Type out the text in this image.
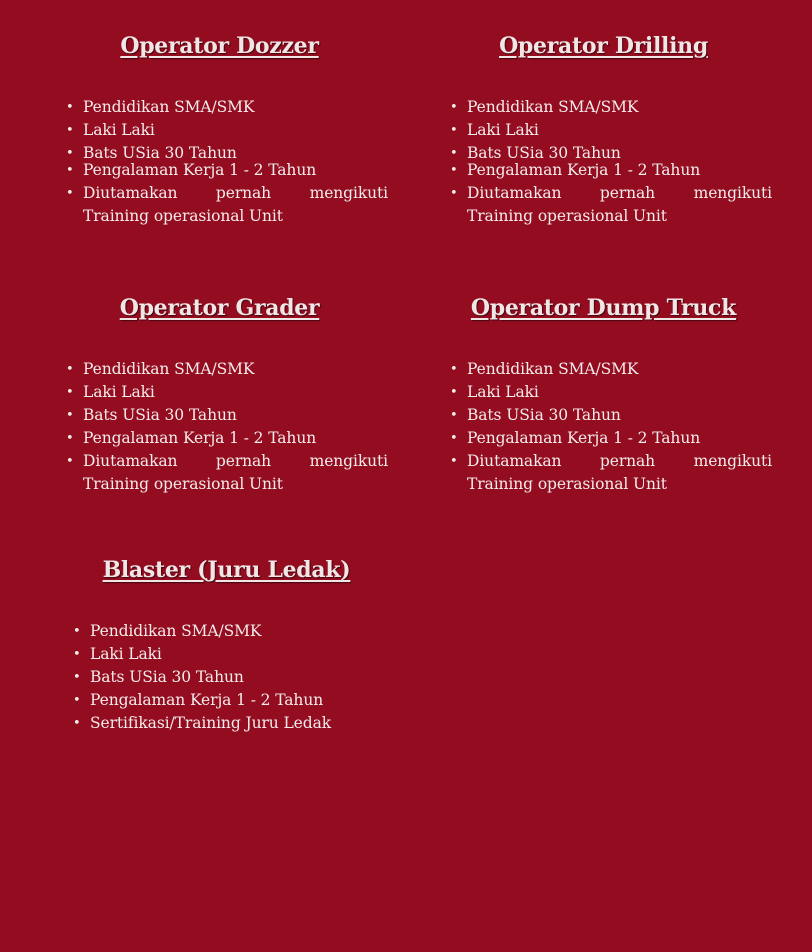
Operator Dozzer
• Pendidikan SMA/SMK
• Laki Laki
• Bats USia 30 Tahun
• Pengalaman Kerja 1 - 2 Tahun
• Diutamakan pernah mengikuti Training operasional Unit
Operator Drilling
• Pendidikan SMA/SMK
• Laki Laki
• Bats USia 30 Tahun
• Pengalaman Kerja 1 - 2 Tahun
• Diutamakan pernah mengikuti Training operasional Unit
Operator Grader
• Pendidikan SMA/SMK
• Laki Laki
• Bats USia 30 Tahun
• Pengalaman Kerja 1 - 2 Tahun
• Diutamakan pernah mengikuti Training operasional Unit
Operator Dump Truck
• Pendidikan SMA/SMK
• Laki Laki
• Bats USia 30 Tahun
• Pengalaman Kerja 1 - 2 Tahun
• Diutamakan pernah mengikuti Training operasional Unit
Blaster (Juru Ledak)
• Pendidikan SMA/SMK
• Laki Laki
• Bats USia 30 Tahun
• Pengalaman Kerja 1 - 2 Tahun
• Sertifikasi/Training Juru Ledak
